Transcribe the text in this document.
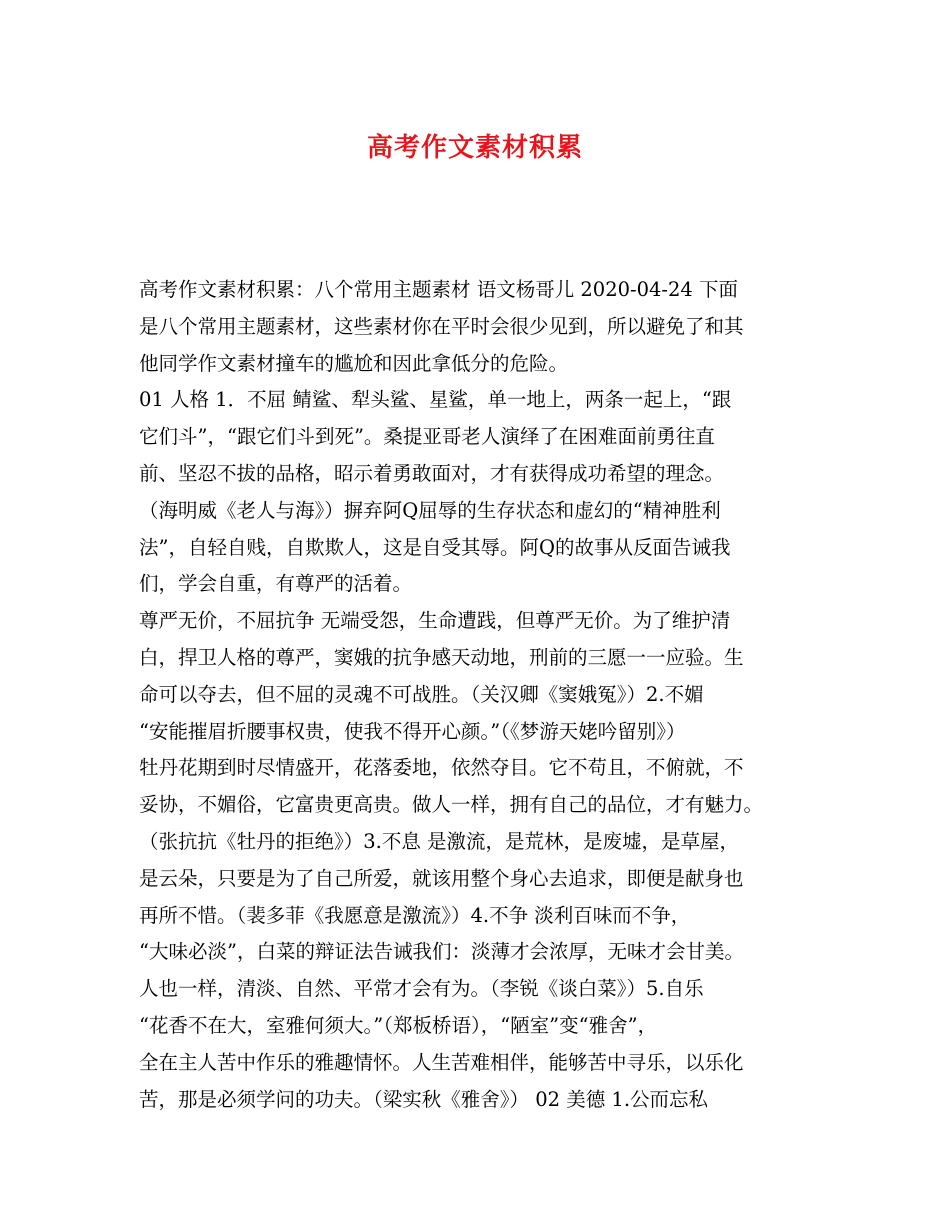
高考作文素材积累
高考作文素材积累：八个常用主题素材 语文杨哥儿 2020-04-24 下面
是八个常用主题素材，这些素材你在平时会很少见到，所以避免了和其
他同学作文素材撞车的尴尬和因此拿低分的危险。
01 人格 1．不屈 鲭鲨、犁头鲨、星鲨，单一地上，两条一起上，“跟
它们斗”，“跟它们斗到死”。桑提亚哥老人演绎了在困难面前勇往直
前、坚忍不拔的品格，昭示着勇敢面对，才有获得成功希望的理念。
（海明威《老人与海》）摒弃阿Q屈辱的生存状态和虚幻的“精神胜利
法”，自轻自贱，自欺欺人，这是自受其辱。阿Q的故事从反面告诫我
们，学会自重，有尊严的活着。
尊严无价，不屈抗争 无端受怨，生命遭践，但尊严无价。为了维护清
白，捍卫人格的尊严，窦娥的抗争感天动地，刑前的三愿一一应验。生
命可以夺去，但不屈的灵魂不可战胜。（关汉卿《窦娥冤》）2.不媚
“安能摧眉折腰事权贵，使我不得开心颜。”（《梦游天姥吟留别》）
牡丹花期到时尽情盛开，花落委地，依然夺目。它不苟且，不俯就，不
妥协，不媚俗，它富贵更高贵。做人一样，拥有自己的品位，才有魅力。
（张抗抗《牡丹的拒绝》）3.不息 是激流，是荒林，是废墟，是草屋，
是云朵，只要是为了自己所爱，就该用整个身心去追求，即便是献身也
再所不惜。（裴多菲《我愿意是激流》）4.不争 淡利百味而不争，
“大味必淡”，白菜的辩证法告诫我们：淡薄才会浓厚，无味才会甘美。
人也一样，清淡、自然、平常才会有为。（李锐《谈白菜》）5.自乐
“花香不在大，室雅何须大。”（郑板桥语），“陋室”变“雅舍”，
全在主人苦中作乐的雅趣情怀。人生苦难相伴，能够苦中寻乐，以乐化
苦，那是必须学问的功夫。（梁实秋《雅舍》） 02 美德 1.公而忘私
